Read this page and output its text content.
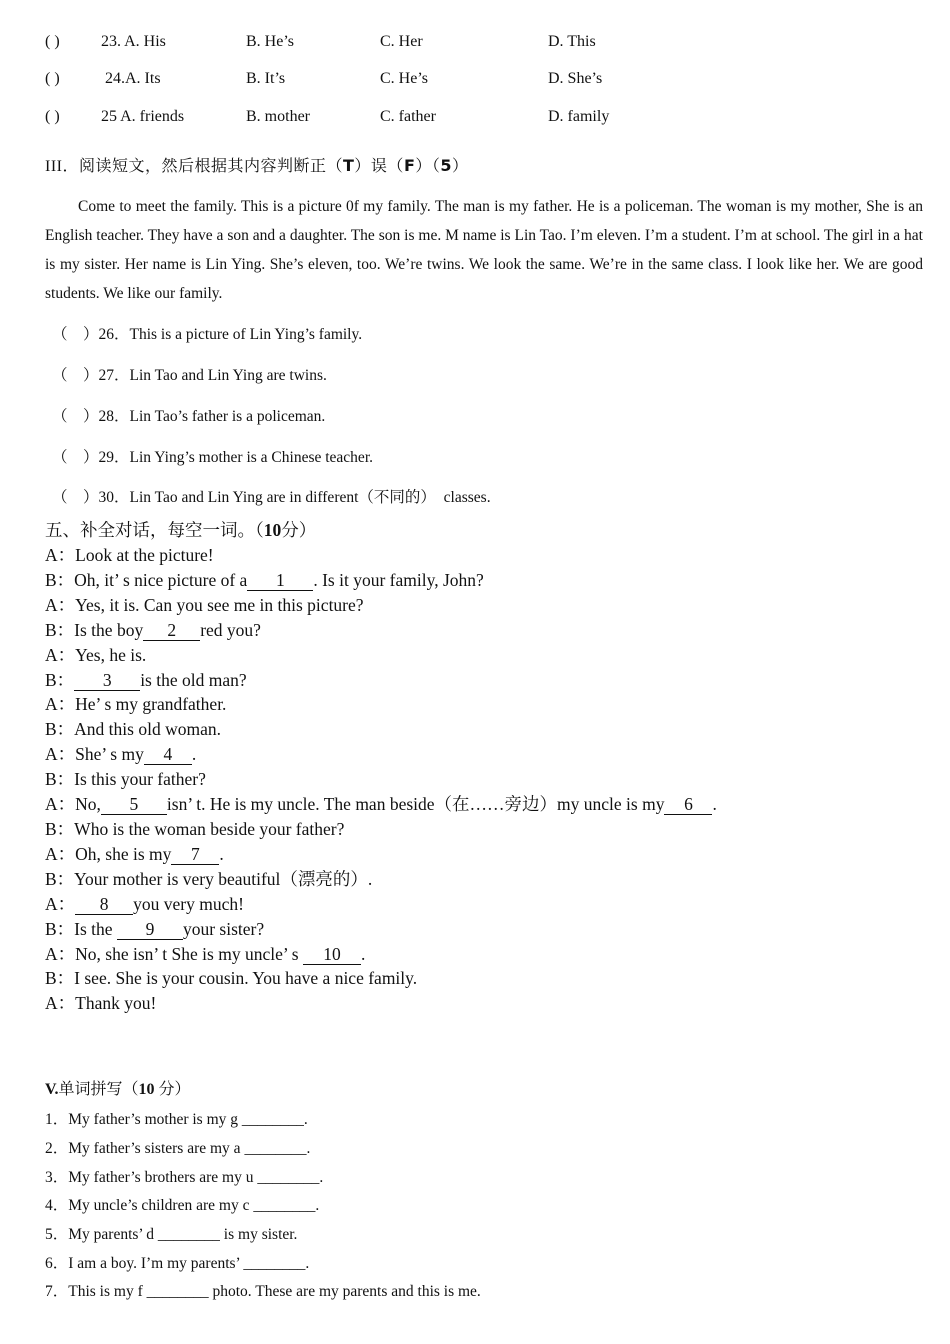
( )	23. A. His	B. He’s	C. Her	D. This
( )	24.A. Its	B. It’s	C. He’s	D. She’s
( )	25 A. friends	B. mother	C. father	D. family
III．阅读短文，然后根据其内容判断正（T）误（F）（5）

Come to meet the family. This is a picture 0f my family. The man is my father. He is a policeman. The woman is my mother, She is an English teacher. They have a son and a daughter. The son is me. M name is Lin Tao. I’m eleven. I’m a student. I’m at school. The girl in a hat is my sister. Her name is Lin Ying. She’s eleven, too. We’re twins. We look the same. We’re in the same class. I look like her. We are good students. We like our family.

（    ）26．This is a picture of Lin Ying’s family.
（    ）27．Lin Tao and Lin Ying are twins.
（    ）28．Lin Tao’s father is a policeman.
（    ）29．Lin Ying’s mother is a Chinese teacher.
（    ）30．Lin Tao and Lin Ying are in different（不同的）  classes.
五、补全对话，每空一词。（10分）
A：Look at the picture!
B：Oh, it’ s nice picture of a 1 . Is it your family, John?
A：Yes, it is. Can you see me in this picture?
B：Is the boy 2 red you?
A：Yes, he is.
B： 3 is the old man?
A：He’ s my grandfather.
B：And this old woman.
A：She’ s my 4 .
B：Is this your father?
A：No, 5 isn’ t. He is my uncle. The man beside（在……旁边）my uncle is my 6 .
B：Who is the woman beside your father?
A：Oh, she is my 7 .
B：Your mother is very beautiful（漂亮的）.
A： 8 you very much!
B：Is the 9 your sister?
A：No, she isn’ t She is my uncle’ s 10 .
B：I see. She is your cousin. You have a nice family.
A：Thank you!
V.单词拼写（10 分）
1．My father’s mother is my g ________.
2．My father’s sisters are my a ________.
3．My father’s brothers are my u ________.
4．My uncle’s children are my c ________.
5．My parents’ d ________ is my sister.
6．I am a boy. I’m my parents’ ________.
7．This is my f ________ photo. These are my parents and this is me.
